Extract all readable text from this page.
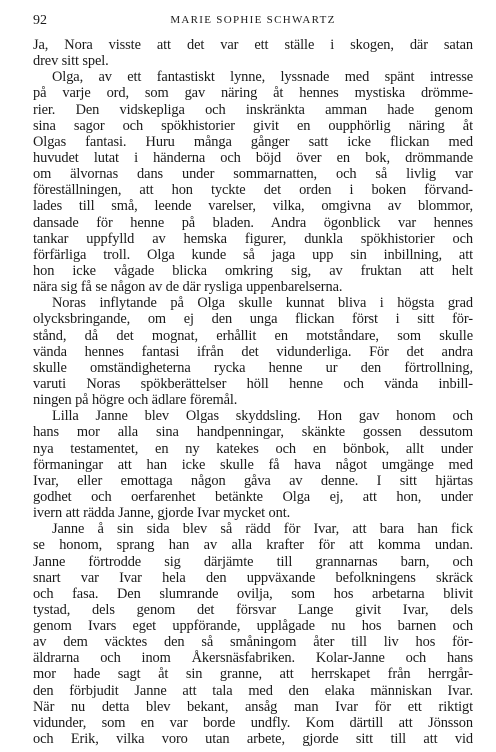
92	MARIE SOPHIE SCHWARTZ
Ja, Nora visste att det var ett ställe i skogen, där satan
drev sitt spel.
Olga, av ett fantastiskt lynne, lyssnade med spänt intresse
på varje ord, som gav näring åt hennes mystiska drömme-
rier. Den vidskepliga och inskränkta amman hade genom
sina sagor och spökhistorier givit en oupphörlig näring åt
Olgas fantasi. Huru många gånger satt icke flickan med
huvudet lutat i händerna och böjd över en bok, drömmande
om älvornas dans under sommarnatten, och så livlig var
föreställningen, att hon tyckte det orden i boken förvand-
lades till små, leende varelser, vilka, omgivna av blommor,
dansade för henne på bladen. Andra ögonblick var hennes
tankar uppfylld av hemska figurer, dunkla spökhistorier och
förfärliga troll. Olga kunde så jaga upp sin inbillning, att
hon icke vågade blicka omkring sig, av fruktan att helt
nära sig få se någon av de där rysliga uppenbarelserna.
Noras inflytande på Olga skulle kunnat bliva i högsta grad
olycksbringande, om ej den unga flickan först i sitt för-
stånd, då det mognat, erhållit en motståndare, som skulle
vända hennes fantasi ifrån det vidunderliga. För det andra
skulle omständigheterna rycka henne ur den förtrollning,
varuti Noras spökberättelser höll henne och vända inbill-
ningen på högre och ädlare föremål.
Lilla Janne blev Olgas skyddsling. Hon gav honom och
hans mor alla sina handpenningar, skänkte gossen dessutom
nya testamentet, en ny katekes och en bönbok, allt under
förmaningar att han icke skulle få hava något umgänge med
Ivar, eller emottaga någon gåva av denne. I sitt hjärtas
godhet och oerfarenhet betänkte Olga ej, att hon, under
ivern att rädda Janne, gjorde Ivar mycket ont.
Janne å sin sida blev så rädd för Ivar, att bara han fick
se honom, sprang han av alla krafter för att komma undan.
Janne förtrodde sig därjämte till grannarnas barn, och
snart var Ivar hela den uppväxande befolkningens skräck
och fasa. Den slumrande ovilja, som hos arbetarna blivit
tystad, dels genom det försvar Lange givit Ivar, dels
genom Ivars eget uppförande, upplågade nu hos barnen och
av dem väcktes den så småningom åter till liv hos för-
äldrarna och inom Åkersnäsfabriken. Kolar-Janne och hans
mor hade sagt åt sin granne, att herrskapet från herrgår-
den förbjudit Janne att tala med den elaka människan Ivar.
När nu detta blev bekant, ansåg man Ivar för ett riktigt
vidunder, som en var borde undfly. Kom därtill att Jönsson
och Erik, vilka voro utan arbete, gjorde sitt till att vid
